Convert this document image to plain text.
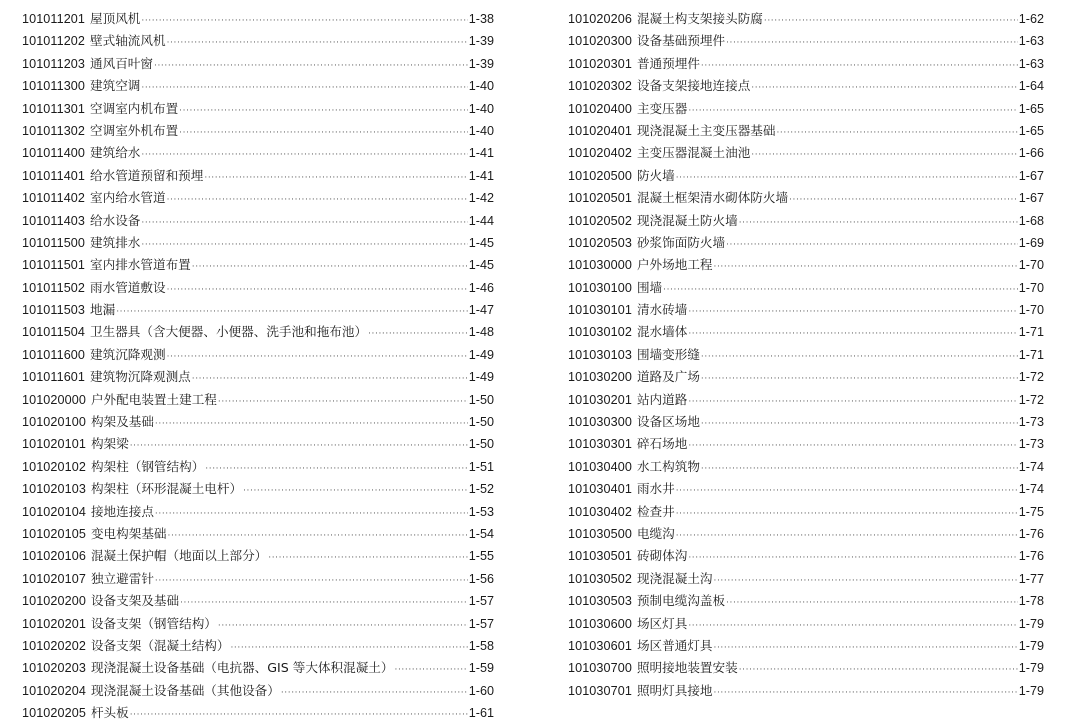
101011201 屋顶风机 ·····	1-38
101011202 壁式轴流风机 ·····	1-39
101011203 通风百叶窗 ·····	1-39
101011300 建筑空调 ·····	1-40
101011301 空调室内机布置 ·····	1-40
101011302 空调室外机布置 ·····	1-40
101011400 建筑给水 ·····	1-41
101011401 给水管道预留和预埋 ·····	1-41
101011402 室内给水管道 ·····	1-42
101011403 给水设备 ·····	1-44
101011500 建筑排水 ·····	1-45
101011501 室内排水管道布置 ·····	1-45
101011502 雨水管道敷设 ·····	1-46
101011503 地漏 ·····	1-47
101011504 卫生器具（含大便器、小便器、洗手池和拖布池） ·····	1-48
101011600 建筑沉降观测 ·····	1-49
101011601 建筑物沉降观测点 ·····	1-49
101020000 户外配电装置土建工程 ·····	1-50
101020100 构架及基础 ·····	1-50
101020101 构架梁 ·····	1-50
101020102 构架柱（钢管结构） ·····	1-51
101020103 构架柱（环形混凝土电杆） ·····	1-52
101020104 接地连接点 ·····	1-53
101020105 变电构架基础 ·····	1-54
101020106 混凝土保护帽（地面以上部分） ·····	1-55
101020107 独立避雷针 ·····	1-56
101020200 设备支架及基础 ·····	1-57
101020201 设备支架（钢管结构） ·····	1-57
101020202 设备支架（混凝土结构） ·····	1-58
101020203 现浇混凝土设备基础（电抗器、GIS 等大体积混凝土） ·····	1-59
101020204 现浇混凝土设备基础（其他设备） ·····	1-60
101020205 杆头板 ·····	1-61
101020206 混凝土构支架接头防腐 ·····	1-62
101020300 设备基础预埋件 ·····	1-63
101020301 普通预埋件 ·····	1-63
101020302 设备支架接地连接点 ·····	1-64
101020400 主变压器 ·····	1-65
101020401 现浇混凝土主变压器基础 ·····	1-65
101020402 主变压器混凝土油池 ·····	1-66
101020500 防火墙 ·····	1-67
101020501 混凝土框架清水砌体防火墙 ·····	1-67
101020502 现浇混凝土防火墙 ·····	1-68
101020503 砂浆饰面防火墙 ·····	1-69
101030000 户外场地工程 ·····	1-70
101030100 围墙 ·····	1-70
101030101 清水砖墙 ·····	1-70
101030102 混水墙体 ·····	1-71
101030103 围墙变形缝 ·····	1-71
101030200 道路及广场 ·····	1-72
101030201 站内道路 ·····	1-72
101030300 设备区场地 ·····	1-73
101030301 碎石场地 ·····	1-73
101030400 水工构筑物 ·····	1-74
101030401 雨水井 ·····	1-74
101030402 检查井 ·····	1-75
101030500 电缆沟 ·····	1-76
101030501 砖砌体沟 ·····	1-76
101030502 现浇混凝土沟 ·····	1-77
101030503 预制电缆沟盖板 ·····	1-78
101030600 场区灯具 ·····	1-79
101030601 场区普通灯具 ·····	1-79
101030700 照明接地装置安装 ·····	1-79
101030701 照明灯具接地 ·····	1-79
